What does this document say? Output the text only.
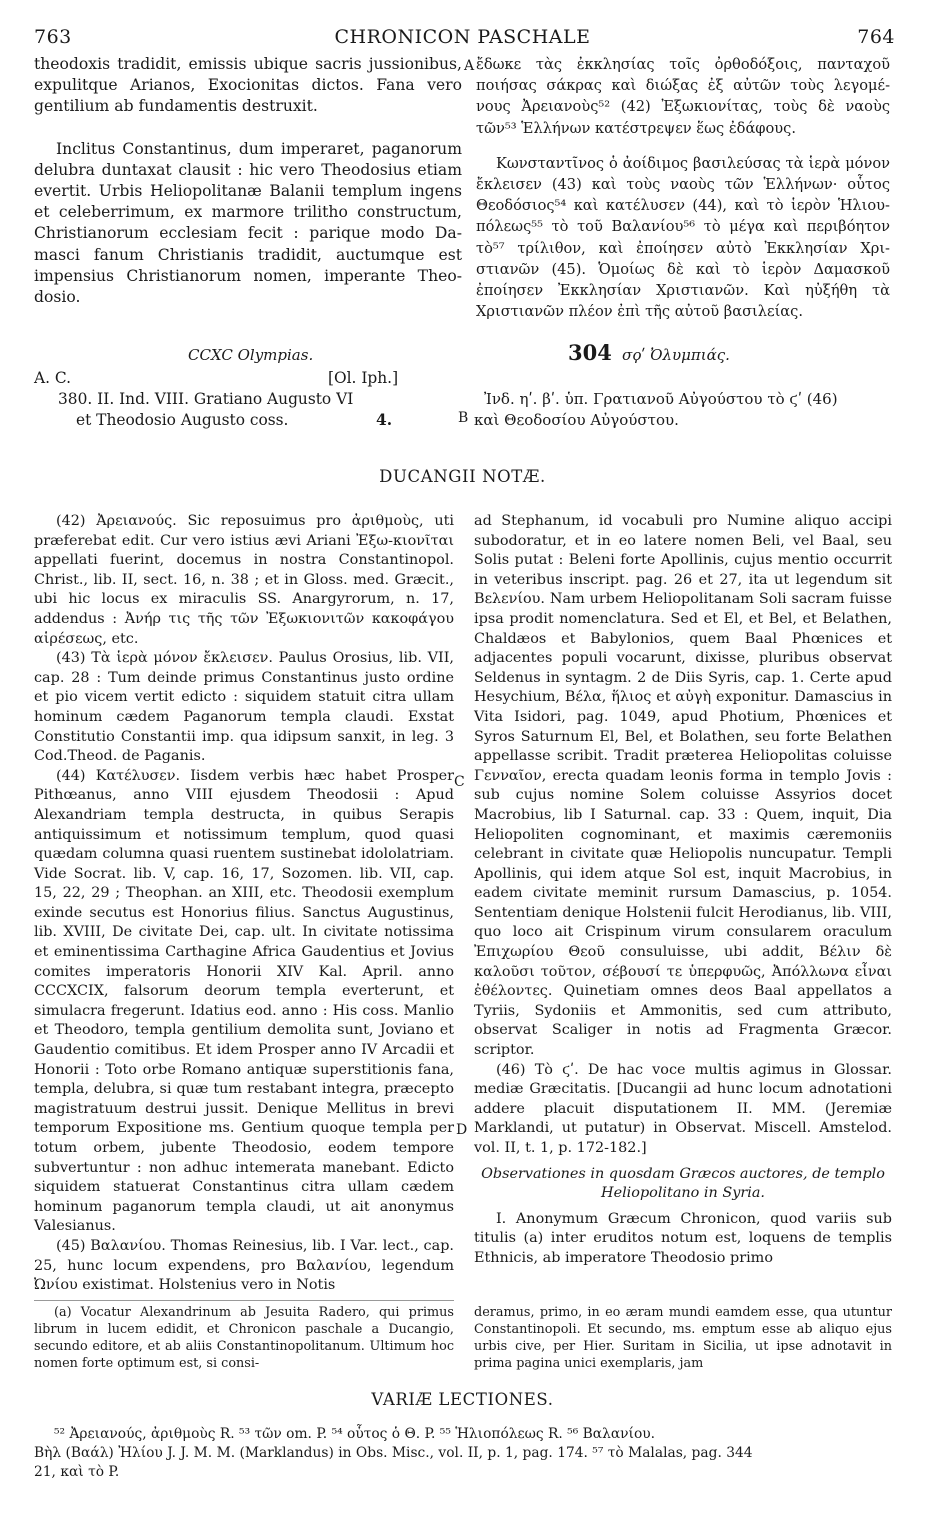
763	CHRONICON PASCHALE	764

theodoxis tradidit, emissis ubique sacris jussionibus,

expulitque Arianos, Exocionitas dictos. Fana vero

gentilium ab fundamentis destruxit.

Inclitus Constantinus, dum imperaret, paganorum

delubra duntaxat clausit : hic vero Theodosius etiam

evertit. Urbis Heliopolitanæ Balanii templum ingens

et celeberrimum, ex marmore trilitho constructum,

Christianorum ecclesiam fecit : parique modo Da-

masci fanum Christianis tradidit, auctumque est

impensius Christianorum nomen, imperante Theo-

dosio.

ἔδωκε τὰς ἐκκλησίας τοῖς ὀρθοδόξοις, πανταχοῦ

ποιήσας σάκρας καὶ διώξας ἐξ αὐτῶν τοὺς λεγομέ-

νους Ἀρειανοὺς⁵² (42) Ἐξωκιονίτας, τοὺς δὲ ναοὺς

τῶν⁵³ Ἑλλήνων κατέστρεψεν ἕως ἐδάφους.

Κωνσταντῖνος ὁ ἀοίδιμος βασιλεύσας τὰ ἱερὰ μόνον

ἔκλεισεν (43) καὶ τοὺς ναοὺς τῶν Ἑλλήνων· οὗτος

Θεοδόσιος⁵⁴ καὶ κατέλυσεν (44), καὶ τὸ ἱερὸν Ἡλιου-

πόλεως⁵⁵ τὸ τοῦ Βαλανίου⁵⁶ τὸ μέγα καὶ περιβόητον

τὸ⁵⁷ τρίλιθον, καὶ ἐποίησεν αὐτὸ Ἐκκλησίαν Χρι-

στιανῶν (45). Ὁμοίως δὲ καὶ τὸ ἱερὸν Δαμασκοῦ

ἐποίησεν Ἐκκλησίαν Χριστιανῶν. Καὶ ηὐξήθη τὰ

Χριστιανῶν πλέον ἐπὶ τῆς αὐτοῦ βασιλείας.

A
B
C
D
CCXC Olympias.	304 σϙʹ Ὀλυμπιάς.
A. C.	[Ol. Iph.]
380. II. Ind. VIII. Gratiano Augusto VI
et Theodosio Augusto coss.	4.
Ἰνδ. ηʹ. βʹ. ὑπ. Γρατιανοῦ Αὐγούστου τὸ ϛʹ (46)
καὶ Θεοδοσίου Αὐγούστου.
DUCANGII NOTÆ.

(42) Ἀρειανούς. Sic reposuimus pro ἀριθμοὺς, uti præferebat edit. Cur vero istius ævi Ariani Ἐξω-κιονῖται appellati fuerint, docemus in nostra Constantinopol. Christ., lib. II, sect. 16, n. 38 ; et in Gloss. med. Græcit., ubi hic locus ex miraculis SS. Anargyrorum, n. 17, addendus : Ἀνήρ τις τῆς τῶν Ἐξωκιονιτῶν κακοφάγου αἱρέσεως, etc.

(43) Τὰ ἱερὰ μόνον ἔκλεισεν. Paulus Orosius, lib. VII, cap. 28 : Tum deinde primus Constantinus justo ordine et pio vicem vertit edicto : siquidem statuit citra ullam hominum cædem Paganorum templa claudi. Exstat Constitutio Constantii imp. qua idipsum sanxit, in leg. 3 Cod.Theod. de Paganis.

(44) Κατέλυσεν. Iisdem verbis hæc habet Prosper Pithœanus, anno VIII ejusdem Theodosii : Apud Alexandriam templa destructa, in quibus Serapis antiquissimum et notissimum templum, quod quasi quædam columna quasi ruentem sustinebat idololatriam. Vide Socrat. lib. V, cap. 16, 17, Sozomen. lib. VII, cap. 15, 22, 29 ; Theophan. an XIII, etc. Theodosii exemplum exinde secutus est Honorius filius. Sanctus Augustinus, lib. XVIII, De civitate Dei, cap. ult. In civitate notissima et eminentissima Carthagine Africa Gaudentius et Jovius comites imperatoris Honorii XIV Kal. April. anno CCCXCIX, falsorum deorum templa everterunt, et simulacra fregerunt. Idatius eod. anno : His coss. Manlio et Theodoro, templa gentilium demolita sunt, Joviano et Gaudentio comitibus. Et idem Prosper anno IV Arcadii et Honorii : Toto orbe Romano antiquæ superstitionis fana, templa, delubra, si quæ tum restabant integra, præcepto magistratuum destrui jussit. Denique Mellitus in brevi temporum Expositione ms. Gentium quoque templa per totum orbem, jubente Theodosio, eodem tempore subvertuntur : non adhuc intemerata manebant. Edicto siquidem statuerat Constantinus citra ullam cædem hominum paganorum templa claudi, ut ait anonymus Valesianus.

(45) Βαλανίου. Thomas Reinesius, lib. I Var. lect., cap. 25, hunc locum expendens, pro Βαλανίου, legendum Ὠνίου existimat. Holstenius vero in Notis

ad Stephanum, id vocabuli pro Numine aliquo accipi subodoratur, et in eo latere nomen Beli, vel Baal, seu Solis putat : Beleni forte Apollinis, cujus mentio occurrit in veteribus inscript. pag. 26 et 27, ita ut legendum sit Βελενίου. Nam urbem Heliopolitanam Soli sacram fuisse ipsa prodit nomenclatura. Sed et El, et Bel, et Belathen, Chaldæos et Babylonios, quem Baal Phœnices et adjacentes populi vocarunt, dixisse, pluribus observat Seldenus in syntagm. 2 de Diis Syris, cap. 1. Certe apud Hesychium, Βέλα, ἥλιος et αὐγὴ exponitur. Damascius in Vita Isidori, pag. 1049, apud Photium, Phœnices et Syros Saturnum El, Bel, et Bolathen, seu forte Belathen appellasse scribit. Tradit præterea Heliopolitas coluisse Γενναῖον, erecta quadam leonis forma in templo Jovis : sub cujus nomine Solem coluisse Assyrios docet Macrobius, lib I Saturnal. cap. 33 : Quem, inquit, Dia Heliopoliten cognominant, et maximis cæremoniis celebrant in civitate quæ Heliopolis nuncupatur. Templi Apollinis, qui idem atque Sol est, inquit Macrobius, in eadem civitate meminit rursum Damascius, p. 1054. Sententiam denique Holstenii fulcit Herodianus, lib. VIII, quo loco ait Crispinum virum consularem oraculum Ἐπιχωρίου Θεοῦ consuluisse, ubi addit, Βέλιν δὲ καλοῦσι τοῦτον, σέβουσί τε ὑπερφυῶς, Ἀπόλλωνα εἶναι ἐθέλοντες. Quinetiam omnes deos Baal appellatos a Tyriis, Sydoniis et Ammonitis, sed cum attributo, observat Scaliger in notis ad Fragmenta Græcor. scriptor.

(46) Τὸ ϛʹ. De hac voce multis agimus in Glossar. mediæ Græcitatis. [Ducangii ad hunc locum adnotationi addere placuit disputationem II. MM. (Jeremiæ Marklandi, ut putatur) in Observat. Miscell. Amstelod. vol. II, t. 1, p. 172-182.]

Observationes in quosdam Græcos auctores, de templo Heliopolitano in Syria.

I. Anonymum Græcum Chronicon, quod variis sub titulis (a) inter eruditos notum est, loquens de templis Ethnicis, ab imperatore Theodosio primo

(a) Vocatur Alexandrinum ab Jesuita Radero, qui primus librum in lucem edidit, et Chronicon paschale a Ducangio, secundo editore, et ab aliis Constantinopolitanum. Ultimum hoc nomen forte optimum est, si consi-
deramus, primo, in eo æram mundi eamdem esse, qua utuntur Constantinopoli. Et secundo, ms. emptum esse ab aliquo ejus urbis cive, per Hier. Suritam in Sicilia, ut ipse adnotavit in prima pagina unici exemplaris, jam
VARIÆ LECTIONES.
⁵² Ἀρειανούς, ἀριθμοὺς R. ⁵³ τῶν om. P. ⁵⁴ οὗτος ὁ Θ. P. ⁵⁵ Ἡλιοπόλεως R. ⁵⁶ Βαλανίου.
Βὴλ (Βαάλ) Ἠλίου J. J. M. M. (Marklandus) in Obs. Misc., vol. II, p. 1, pag. 174. ⁵⁷ τὸ Malalas, pag. 344
21, καὶ τὸ P.
